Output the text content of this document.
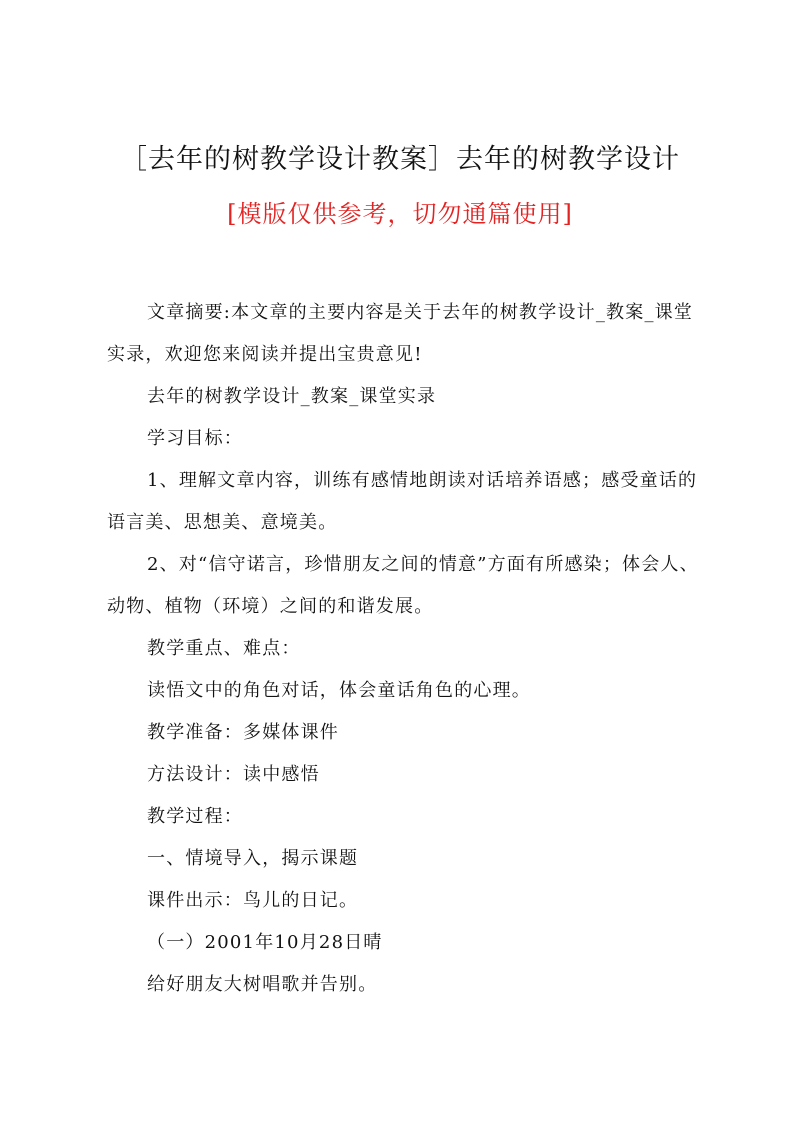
［去年的树教学设计教案］去年的树教学设计
[模版仅供参考，切勿通篇使用]

文章摘要:本文章的主要内容是关于去年的树教学设计_教案_课堂实录，欢迎您来阅读并提出宝贵意见!

去年的树教学设计_教案_课堂实录

学习目标：

1、理解文章内容，训练有感情地朗读对话培养语感；感受童话的语言美、思想美、意境美。

2、对“信守诺言，珍惜朋友之间的情意”方面有所感染；体会人、动物、植物（环境）之间的和谐发展。

教学重点、难点：

读悟文中的角色对话，体会童话角色的心理。

教学准备：多媒体课件

方法设计：读中感悟

教学过程：

一、情境导入，揭示课题

课件出示：鸟儿的日记。

（一）2001年10月28日晴

给好朋友大树唱歌并告别。
